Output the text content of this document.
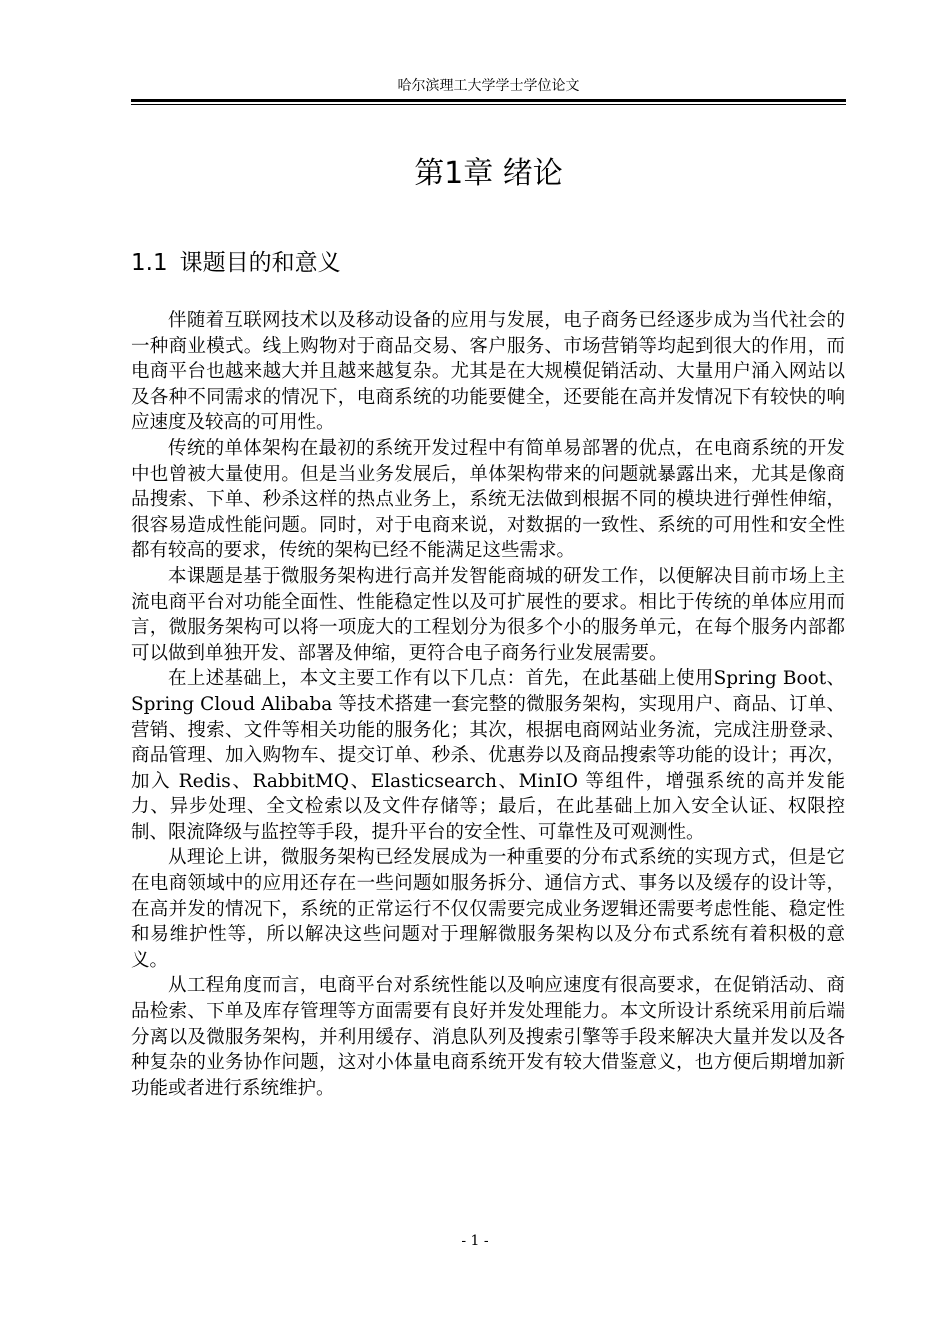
哈尔滨理工大学学士学位论文
第1章 绪论
1.1 课题目的和意义

伴随着互联网技术以及移动设备的应用与发展，电子商务已经逐步成为当代社会的一种商业模式。线上购物对于商品交易、客户服务、市场营销等均起到很大的作用，而电商平台也越来越大并且越来越复杂。尤其是在大规模促销活动、大量用户涌入网站以及各种不同需求的情况下，电商系统的功能要健全，还要能在高并发情况下有较快的响应速度及较高的可用性。

传统的单体架构在最初的系统开发过程中有简单易部署的优点，在电商系统的开发中也曾被大量使用。但是当业务发展后，单体架构带来的问题就暴露出来，尤其是像商品搜索、下单、秒杀这样的热点业务上，系统无法做到根据不同的模块进行弹性伸缩，很容易造成性能问题。同时，对于电商来说，对数据的一致性、系统的可用性和安全性都有较高的要求，传统的架构已经不能满足这些需求。

本课题是基于微服务架构进行高并发智能商城的研发工作，以便解决目前市场上主流电商平台对功能全面性、性能稳定性以及可扩展性的要求。相比于传统的单体应用而言，微服务架构可以将一项庞大的工程划分为很多个小的服务单元，在每个服务内部都可以做到单独开发、部署及伸缩，更符合电子商务行业发展需要。

在上述基础上，本文主要工作有以下几点：首先，在此基础上使用Spring Boot、Spring Cloud Alibaba 等技术搭建一套完整的微服务架构，实现用户、商品、订单、营销、搜索、文件等相关功能的服务化；其次，根据电商网站业务流，完成注册登录、商品管理、加入购物车、提交订单、秒杀、优惠券以及商品搜索等功能的设计；再次，加入 Redis、RabbitMQ、Elasticsearch、MinIO 等组件，增强系统的高并发能力、异步处理、全文检索以及文件存储等；最后，在此基础上加入安全认证、权限控制、限流降级与监控等手段，提升平台的安全性、可靠性及可观测性。

从理论上讲，微服务架构已经发展成为一种重要的分布式系统的实现方式，但是它在电商领域中的应用还存在一些问题如服务拆分、通信方式、事务以及缓存的设计等，在高并发的情况下，系统的正常运行不仅仅需要完成业务逻辑还需要考虑性能、稳定性和易维护性等，所以解决这些问题对于理解微服务架构以及分布式系统有着积极的意义。

从工程角度而言，电商平台对系统性能以及响应速度有很高要求，在促销活动、商品检索、下单及库存管理等方面需要有良好并发处理能力。本文所设计系统采用前后端分离以及微服务架构，并利用缓存、消息队列及搜索引擎等手段来解决大量并发以及各种复杂的业务协作问题，这对小体量电商系统开发有较大借鉴意义，也方便后期增加新功能或者进行系统维护。

- 1 -
